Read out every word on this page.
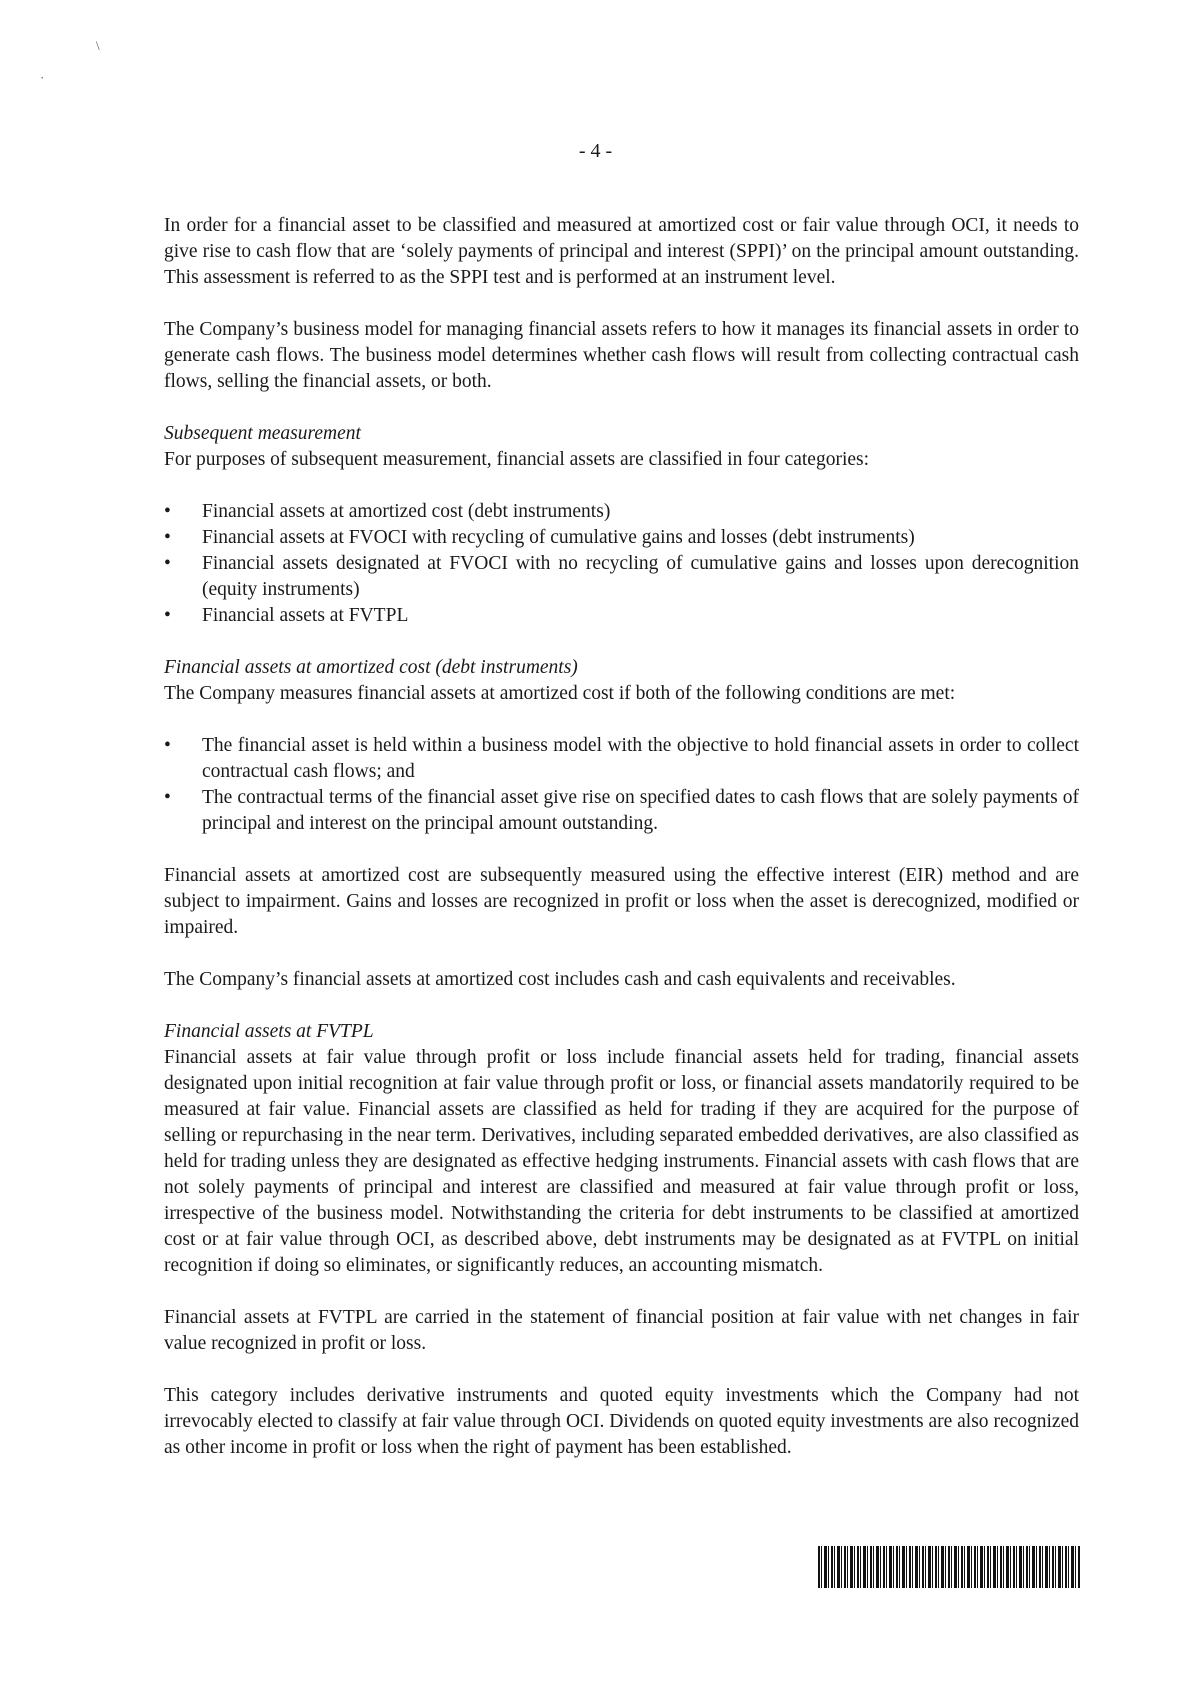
\
·
- 4 -

In order for a financial asset to be classified and measured at amortized cost or fair value through OCI, it needs to give rise to cash flow that are ‘solely payments of principal and interest (SPPI)’ on the principal amount outstanding. This assessment is referred to as the SPPI test and is performed at an instrument level.

The Company’s business model for managing financial assets refers to how it manages its financial assets in order to generate cash flows. The business model determines whether cash flows will result from collecting contractual cash flows, selling the financial assets, or both.

Subsequent measurement

For purposes of subsequent measurement, financial assets are classified in four categories:

• Financial assets at amortized cost (debt instruments)
• Financial assets at FVOCI with recycling of cumulative gains and losses (debt instruments)
• Financial assets designated at FVOCI with no recycling of cumulative gains and losses upon derecognition (equity instruments)
• Financial assets at FVTPL

Financial assets at amortized cost (debt instruments)

The Company measures financial assets at amortized cost if both of the following conditions are met:

• The financial asset is held within a business model with the objective to hold financial assets in order to collect contractual cash flows; and
• The contractual terms of the financial asset give rise on specified dates to cash flows that are solely payments of principal and interest on the principal amount outstanding.

Financial assets at amortized cost are subsequently measured using the effective interest (EIR) method and are subject to impairment. Gains and losses are recognized in profit or loss when the asset is derecognized, modified or impaired.

The Company’s financial assets at amortized cost includes cash and cash equivalents and receivables.

Financial assets at FVTPL

Financial assets at fair value through profit or loss include financial assets held for trading, financial assets designated upon initial recognition at fair value through profit or loss, or financial assets mandatorily required to be measured at fair value. Financial assets are classified as held for trading if they are acquired for the purpose of selling or repurchasing in the near term. Derivatives, including separated embedded derivatives, are also classified as held for trading unless they are designated as effective hedging instruments. Financial assets with cash flows that are not solely payments of principal and interest are classified and measured at fair value through profit or loss, irrespective of the business model. Notwithstanding the criteria for debt instruments to be classified at amortized cost or at fair value through OCI, as described above, debt instruments may be designated as at FVTPL on initial recognition if doing so eliminates, or significantly reduces, an accounting mismatch.

Financial assets at FVTPL are carried in the statement of financial position at fair value with net changes in fair value recognized in profit or loss.

This category includes derivative instruments and quoted equity investments which the Company had not irrevocably elected to classify at fair value through OCI. Dividends on quoted equity investments are also recognized as other income in profit or loss when the right of payment has been established.
